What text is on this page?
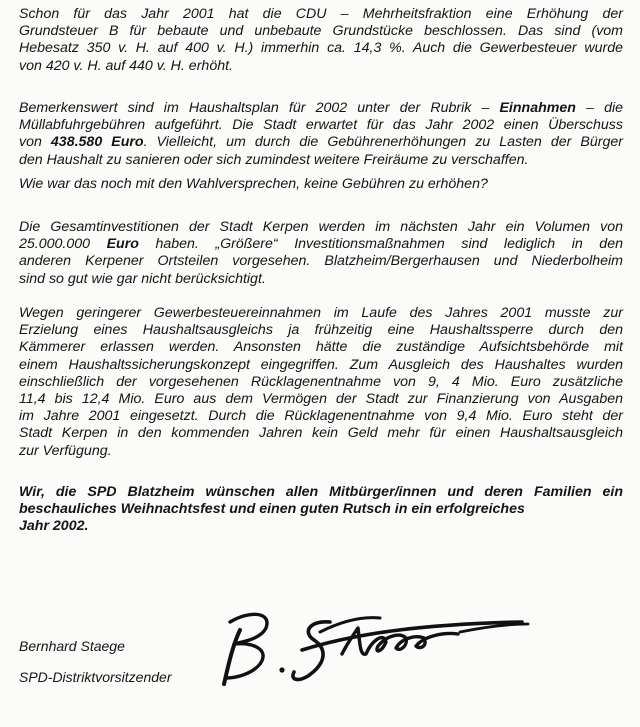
Schon für das Jahr 2001 hat die CDU – Mehrheitsfraktion eine Erhöhung der
Grundsteuer B für bebaute und unbebaute Grundstücke beschlossen. Das sind (vom
Hebesatz 350 v. H. auf 400 v. H.) immerhin ca. 14,3 %. Auch die Gewerbesteuer wurde
von 420 v. H. auf 440 v. H. erhöht.

Bemerkenswert sind im Haushaltsplan für 2002 unter der Rubrik – Einnahmen – die
Müllabfuhrgebühren aufgeführt. Die Stadt erwartet für das Jahr 2002 einen Überschuss
von 438.580 Euro. Vielleicht, um durch die Gebührenerhöhungen zu Lasten der Bürger
den Haushalt zu sanieren oder sich zumindest weitere Freiräume zu verschaffen.

Wie war das noch mit den Wahlversprechen, keine Gebühren zu erhöhen?

Die Gesamtinvestitionen der Stadt Kerpen werden im nächsten Jahr ein Volumen von
25.000.000 Euro haben. „Größere“ Investitionsmaßnahmen sind lediglich in den
anderen Kerpener Ortsteilen vorgesehen. Blatzheim/Bergerhausen und Niederbolheim
sind so gut wie gar nicht berücksichtigt.

Wegen geringerer Gewerbesteuereinnahmen im Laufe des Jahres 2001 musste zur
Erzielung eines Haushaltsausgleichs ja frühzeitig eine Haushaltssperre durch den
Kämmerer erlassen werden. Ansonsten hätte die zuständige Aufsichtsbehörde mit
einem Haushaltssicherungskonzept eingegriffen. Zum Ausgleich des Haushaltes wurden
einschließlich der vorgesehenen Rücklagenentnahme von 9, 4 Mio. Euro zusätzliche
11,4 bis 12,4 Mio. Euro aus dem Vermögen der Stadt zur Finanzierung von Ausgaben
im Jahre 2001 eingesetzt. Durch die Rücklagenentnahme von 9,4 Mio. Euro steht der
Stadt Kerpen in den kommenden Jahren kein Geld mehr für einen Haushaltsausgleich
zur Verfügung.

Wir, die SPD Blatzheim wünschen allen Mitbürger/innen und deren Familien ein
beschauliches Weihnachtsfest und einen guten Rutsch in ein erfolgreiches
Jahr 2002.

Bernhard Staege

SPD-Distriktvorsitzender
